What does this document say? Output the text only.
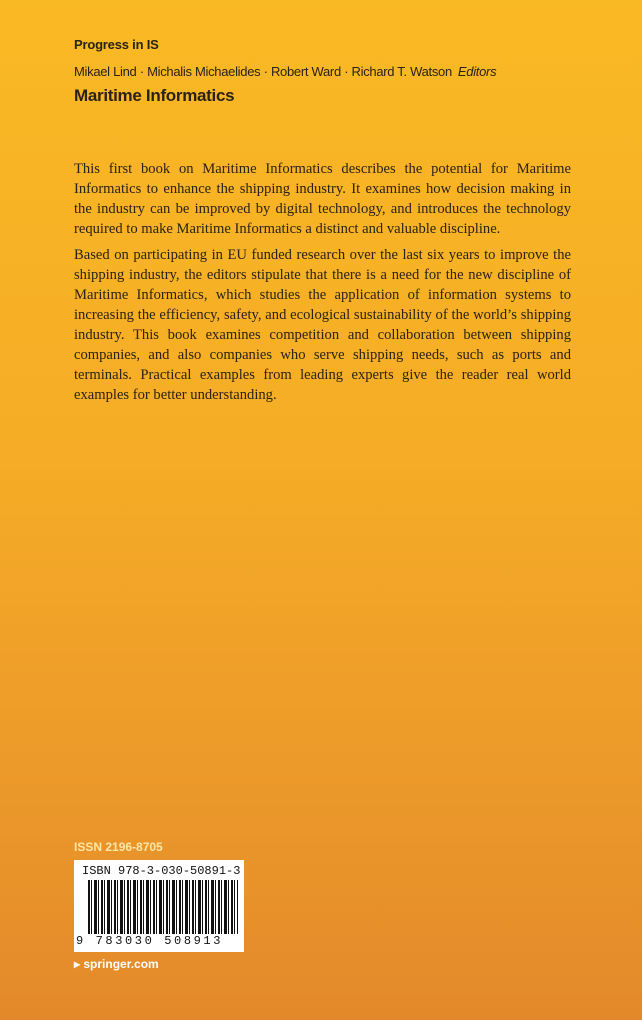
Progress in IS
Mikael Lind · Michalis Michaelides · Robert Ward · Richard T. Watson Editors
Maritime Informatics

This first book on Maritime Informatics describes the potential for Maritime Informatics to enhance the shipping industry. It examines how decision making in the industry can be improved by digital technology, and introduces the technology required to make Maritime Informatics a distinct and valuable discipline.

Based on participating in EU funded research over the last six years to improve the shipping industry, the editors stipulate that there is a need for the new discipline of Maritime Informatics, which studies the application of information systems to increasing the efficiency, safety, and ecological sustainability of the world’s shipping industry. This book examines competition and collaboration between shipping companies, and also companies who serve shipping needs, such as ports and terminals. Practical examples from leading experts give the reader real world examples for better understanding.

ISSN 2196-8705
ISBN 978-3-030-50891-3
9 783030 508913
▸ springer.com
